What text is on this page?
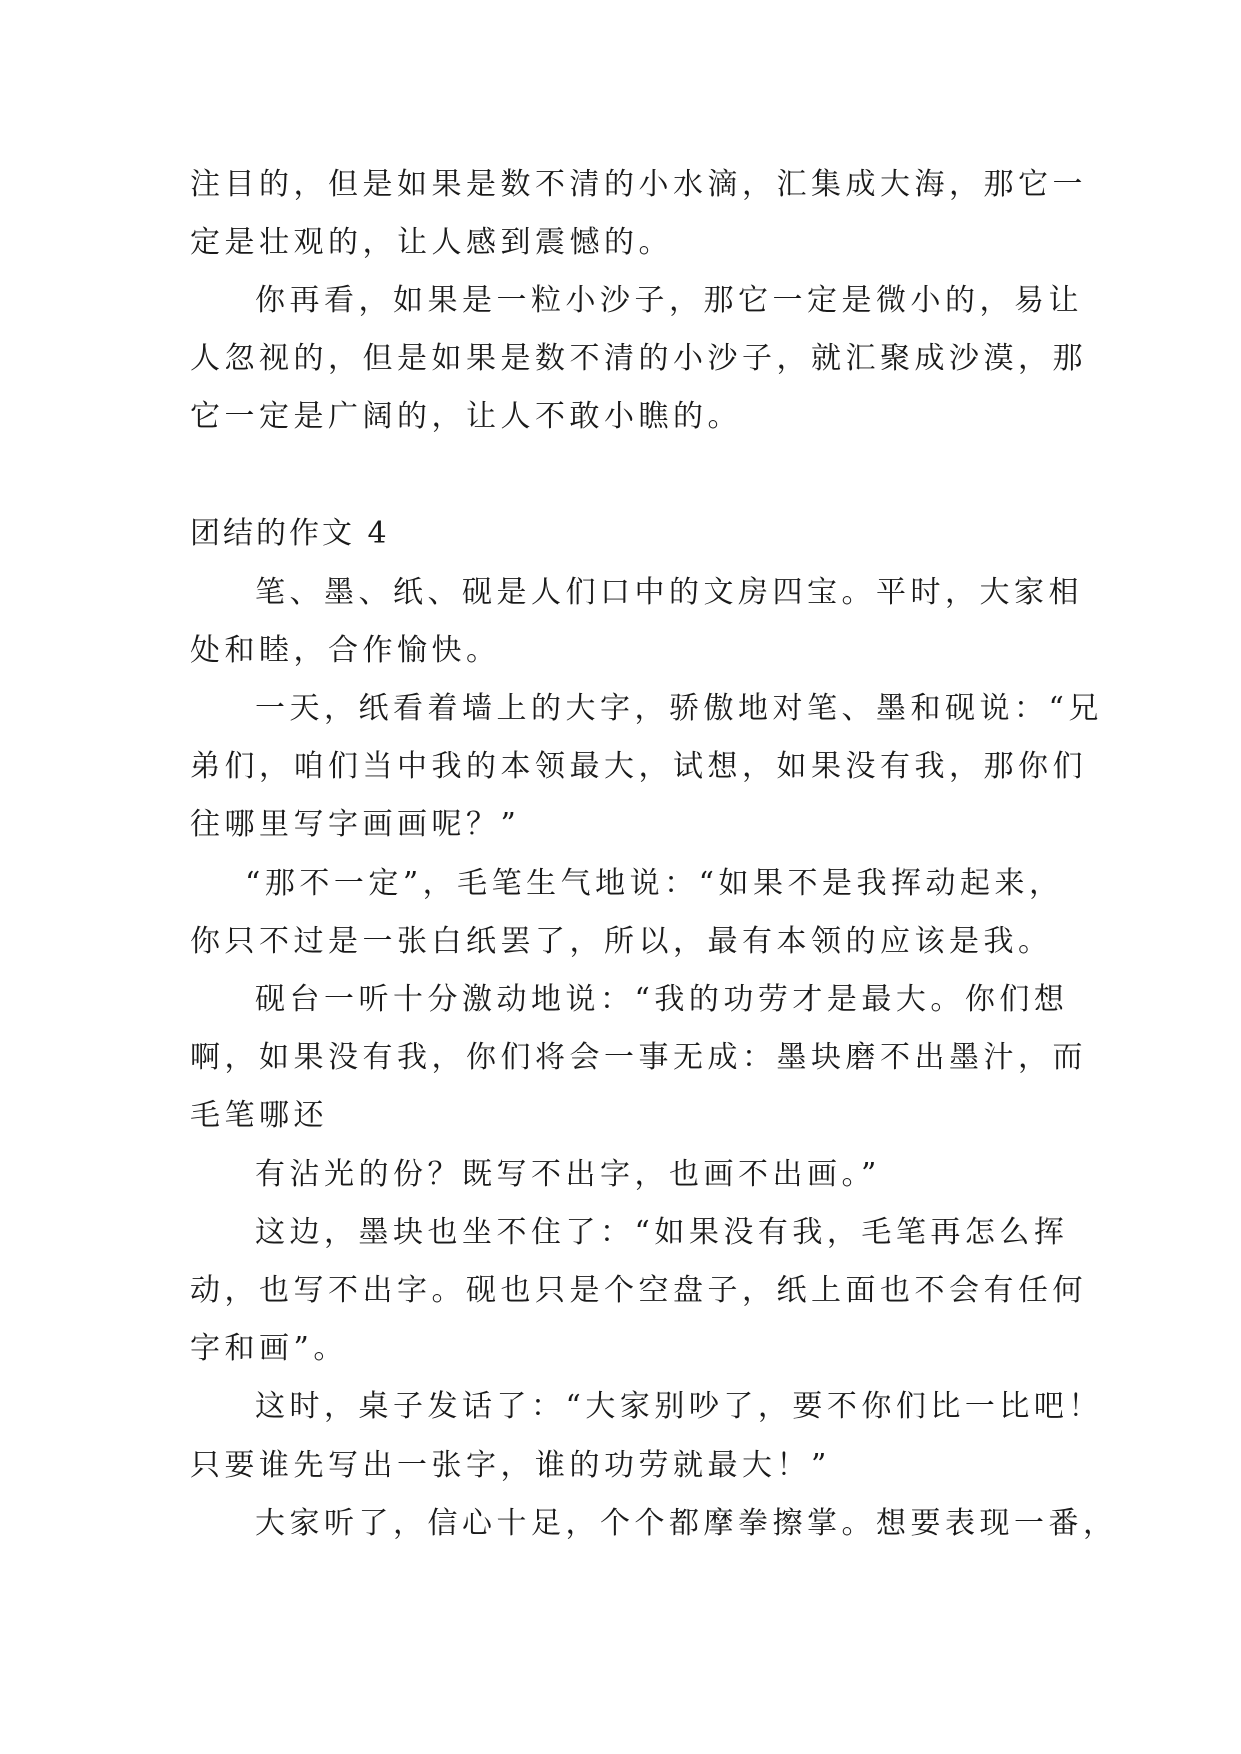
注目的，但是如果是数不清的小水滴，汇集成大海，那它一
定是壮观的，让人感到震憾的。
你再看，如果是一粒小沙子，那它一定是微小的，易让
人忽视的，但是如果是数不清的小沙子，就汇聚成沙漠，那
它一定是广阔的，让人不敢小瞧的。
团结的作文 4
笔、墨、纸、砚是人们口中的文房四宝。平时，大家相
处和睦，合作愉快。
一天，纸看着墙上的大字，骄傲地对笔、墨和砚说：“兄
弟们，咱们当中我的本领最大，试想，如果没有我，那你们
往哪里写字画画呢？”
“那不一定”，毛笔生气地说：“如果不是我挥动起来，
你只不过是一张白纸罢了，所以，最有本领的应该是我。
砚台一听十分激动地说：“我的功劳才是最大。你们想
啊，如果没有我，你们将会一事无成：墨块磨不出墨汁，而
毛笔哪还
有沾光的份？既写不出字，也画不出画。”
这边，墨块也坐不住了：“如果没有我，毛笔再怎么挥
动，也写不出字。砚也只是个空盘子，纸上面也不会有任何
字和画”。
这时，桌子发话了：“大家别吵了，要不你们比一比吧！
只要谁先写出一张字，谁的功劳就最大！”
大家听了，信心十足，个个都摩拳擦掌。想要表现一番，
